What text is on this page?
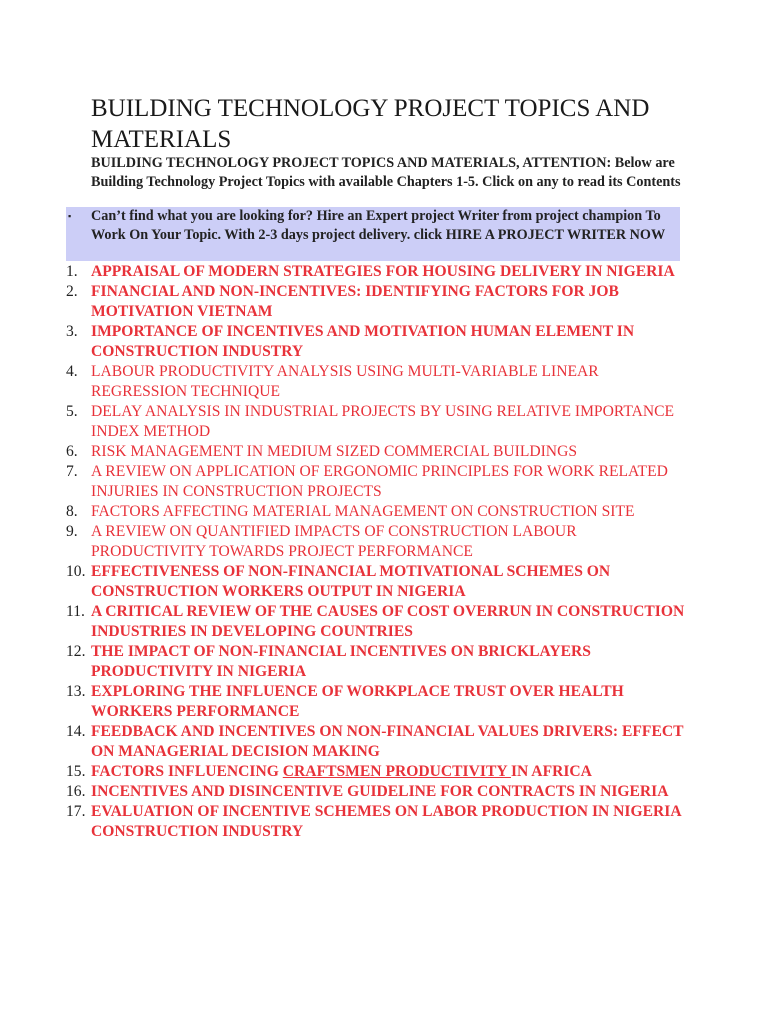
BUILDING TECHNOLOGY PROJECT TOPICS AND MATERIALS

BUILDING TECHNOLOGY PROJECT TOPICS AND MATERIALS, ATTENTION: Below are Building Technology Project Topics with available Chapters 1-5. Click on any to read its Contents

▪ Can’t find what you are looking for? Hire an Expert project Writer from project champion To Work On Your Topic. With 2-3 days project delivery. click HIRE A PROJECT WRITER NOW
1. APPRAISAL OF MODERN STRATEGIES FOR HOUSING DELIVERY IN NIGERIA
2. FINANCIAL AND NON-INCENTIVES: IDENTIFYING FACTORS FOR JOB MOTIVATION VIETNAM
3. IMPORTANCE OF INCENTIVES AND MOTIVATION HUMAN ELEMENT IN CONSTRUCTION INDUSTRY
4. LABOUR PRODUCTIVITY ANALYSIS USING MULTI-VARIABLE LINEAR REGRESSION TECHNIQUE
5. DELAY ANALYSIS IN INDUSTRIAL PROJECTS BY USING RELATIVE IMPORTANCE INDEX METHOD
6. RISK MANAGEMENT IN MEDIUM SIZED COMMERCIAL BUILDINGS
7. A REVIEW ON APPLICATION OF ERGONOMIC PRINCIPLES FOR WORK RELATED INJURIES IN CONSTRUCTION PROJECTS
8. FACTORS AFFECTING MATERIAL MANAGEMENT ON CONSTRUCTION SITE
9. A REVIEW ON QUANTIFIED IMPACTS OF CONSTRUCTION LABOUR PRODUCTIVITY TOWARDS PROJECT PERFORMANCE
10. EFFECTIVENESS OF NON-FINANCIAL MOTIVATIONAL SCHEMES ON CONSTRUCTION WORKERS OUTPUT IN NIGERIA
11. A CRITICAL REVIEW OF THE CAUSES OF COST OVERRUN IN CONSTRUCTION INDUSTRIES IN DEVELOPING COUNTRIES
12. THE IMPACT OF NON-FINANCIAL INCENTIVES ON BRICKLAYERS PRODUCTIVITY IN NIGERIA
13. EXPLORING THE INFLUENCE OF WORKPLACE TRUST OVER HEALTH WORKERS PERFORMANCE
14. FEEDBACK AND INCENTIVES ON NON-FINANCIAL VALUES DRIVERS: EFFECT ON MANAGERIAL DECISION MAKING
15. FACTORS INFLUENCING CRAFTSMEN PRODUCTIVITY IN AFRICA
16. INCENTIVES AND DISINCENTIVE GUIDELINE FOR CONTRACTS IN NIGERIA
17. EVALUATION OF INCENTIVE SCHEMES ON LABOR PRODUCTION IN NIGERIA CONSTRUCTION INDUSTRY
